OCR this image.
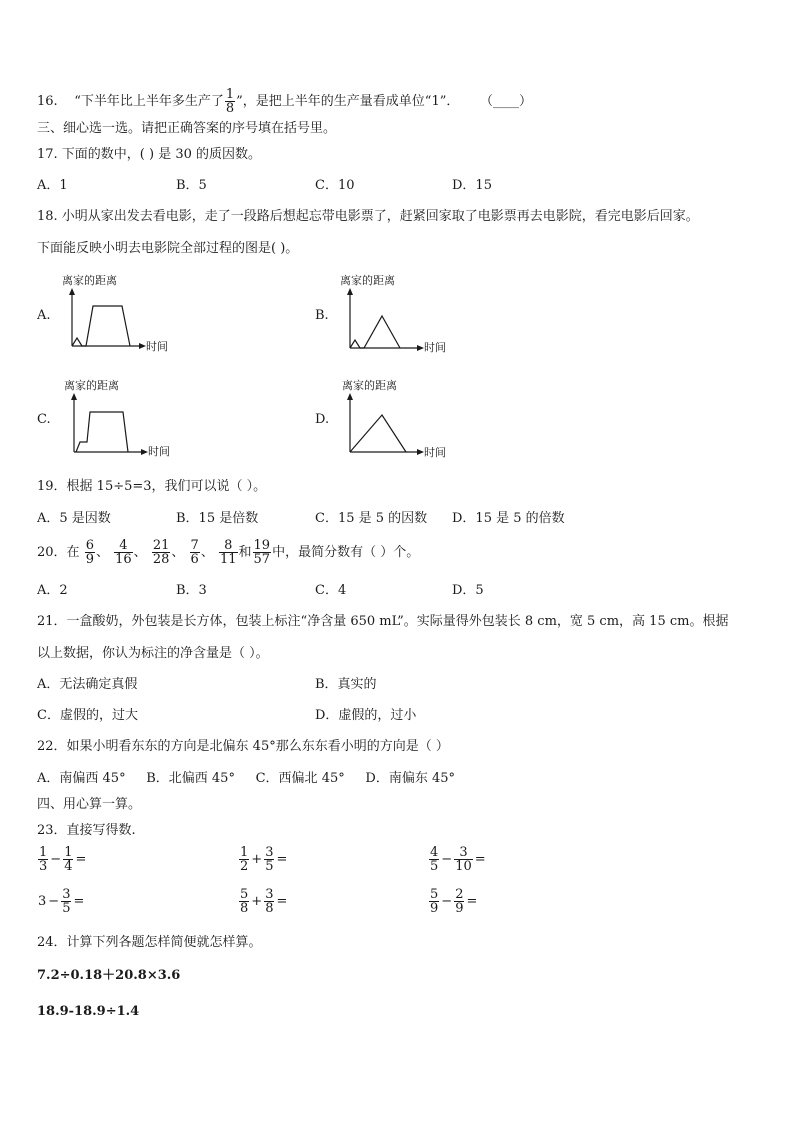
16. “下半年比上半年多生产了 $\frac{1}{8}$ ”，是把上半年的生产量看成单位“1”． （____）
三、细心选一选。请把正确答案的序号填在括号里。
17. 下面的数中，( ) 是 30 的质因数。
A．1	B．5	C．10	D．15
18. 小明从家出发去看电影，走了一段路后想起忘带电影票了，赶紧回家取了电影票再去电影院，看完电影后回家。
下面能反映小明去电影院全部过程的图是( )。
A.
离家的距离
时间
B.
离家的距离
时间
C.
离家的距离
时间
D.
离家的距离
时间
19．根据 15÷5=3，我们可以说（ ）。
A．5 是因数	B．15 是倍数	C．15 是 5 的因数 D．15 是 5 的倍数
20．在 $\frac{6}{9}$ 、 $\frac{4}{16}$ 、 $\frac{21}{28}$ 、 $\frac{7}{6}$ 、 $\frac{8}{11}$ 和 $\frac{19}{57}$ 中，最简分数有（ ）个。
A．2	B．3	C．4	D．5
21．一盒酸奶，外包装是长方体，包装上标注“净含量 650 mL”。实际量得外包装长 8 cm，宽 5 cm，高 15 cm。根据
以上数据，你认为标注的净含量是（ ）。
A．无法确定真假	B．真实的
C．虚假的，过大	D．虚假的，过小
22．如果小明看东东的方向是北偏东 45°那么东东看小明的方向是（ ）
A．南偏西 45°     B．北偏西 45°     C．西偏北 45°     D．南偏东 45°
四、用心算一算。
23．直接写得数.
$\frac{1}{3} - \frac{1}{4}$ =	$\frac{1}{2} + \frac{3}{5}$ =	$\frac{4}{5} - \frac{3}{10}$ =
$3 - \frac{3}{5}$ =	$\frac{5}{8} + \frac{3}{8}$ =	$\frac{5}{9} - \frac{2}{9}$ =
24．计算下列各题怎样简便就怎样算。
7.2÷0.18＋20.8×3.6
18.9-18.9÷1.4
